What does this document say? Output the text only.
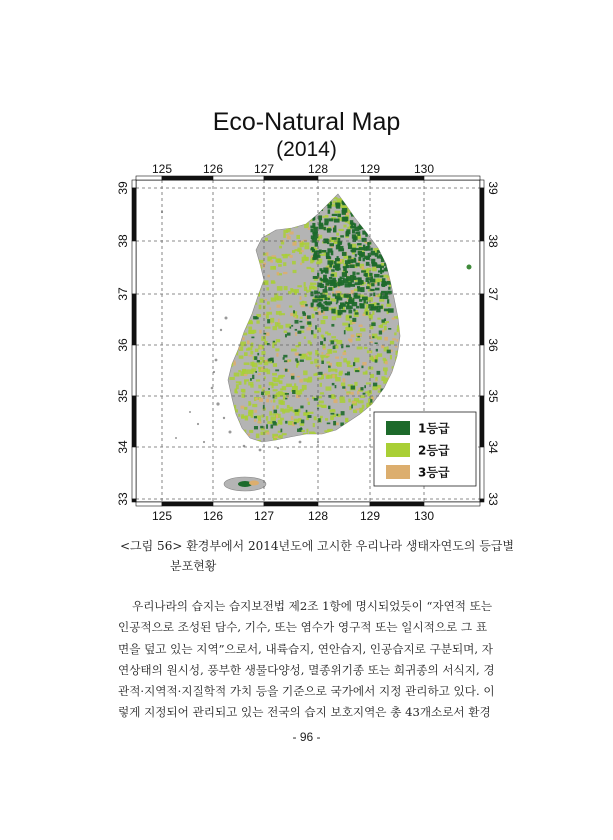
Eco-Natural Map
(2014)
125
125
126
126
127
127
128
128
129
129
130
130
33	33
34	34
35	35
36	36
37	37
38	38
39	39
1등급
2등급
3등급
<그림 56> 환경부에서 2014년도에 고시한 우리나라 생태자연도의 등급별
분포현황
우리나라의 습지는 습지보전법 제2조 1항에 명시되었듯이 “자연적 또는
인공적으로 조성된 담수, 기수, 또는 염수가 영구적 또는 일시적으로 그 표
면을 덮고 있는 지역”으로서, 내륙습지, 연안습지, 인공습지로 구분되며, 자
연상태의 원시성, 풍부한 생물다양성, 멸종위기종 또는 희귀종의 서식지, 경
관적·지역적·지질학적 가치 등을 기준으로 국가에서 지정 관리하고 있다. 이
렇게 지정되어 관리되고 있는 전국의 습지 보호지역은 총 43개소로서 환경
- 96 -
